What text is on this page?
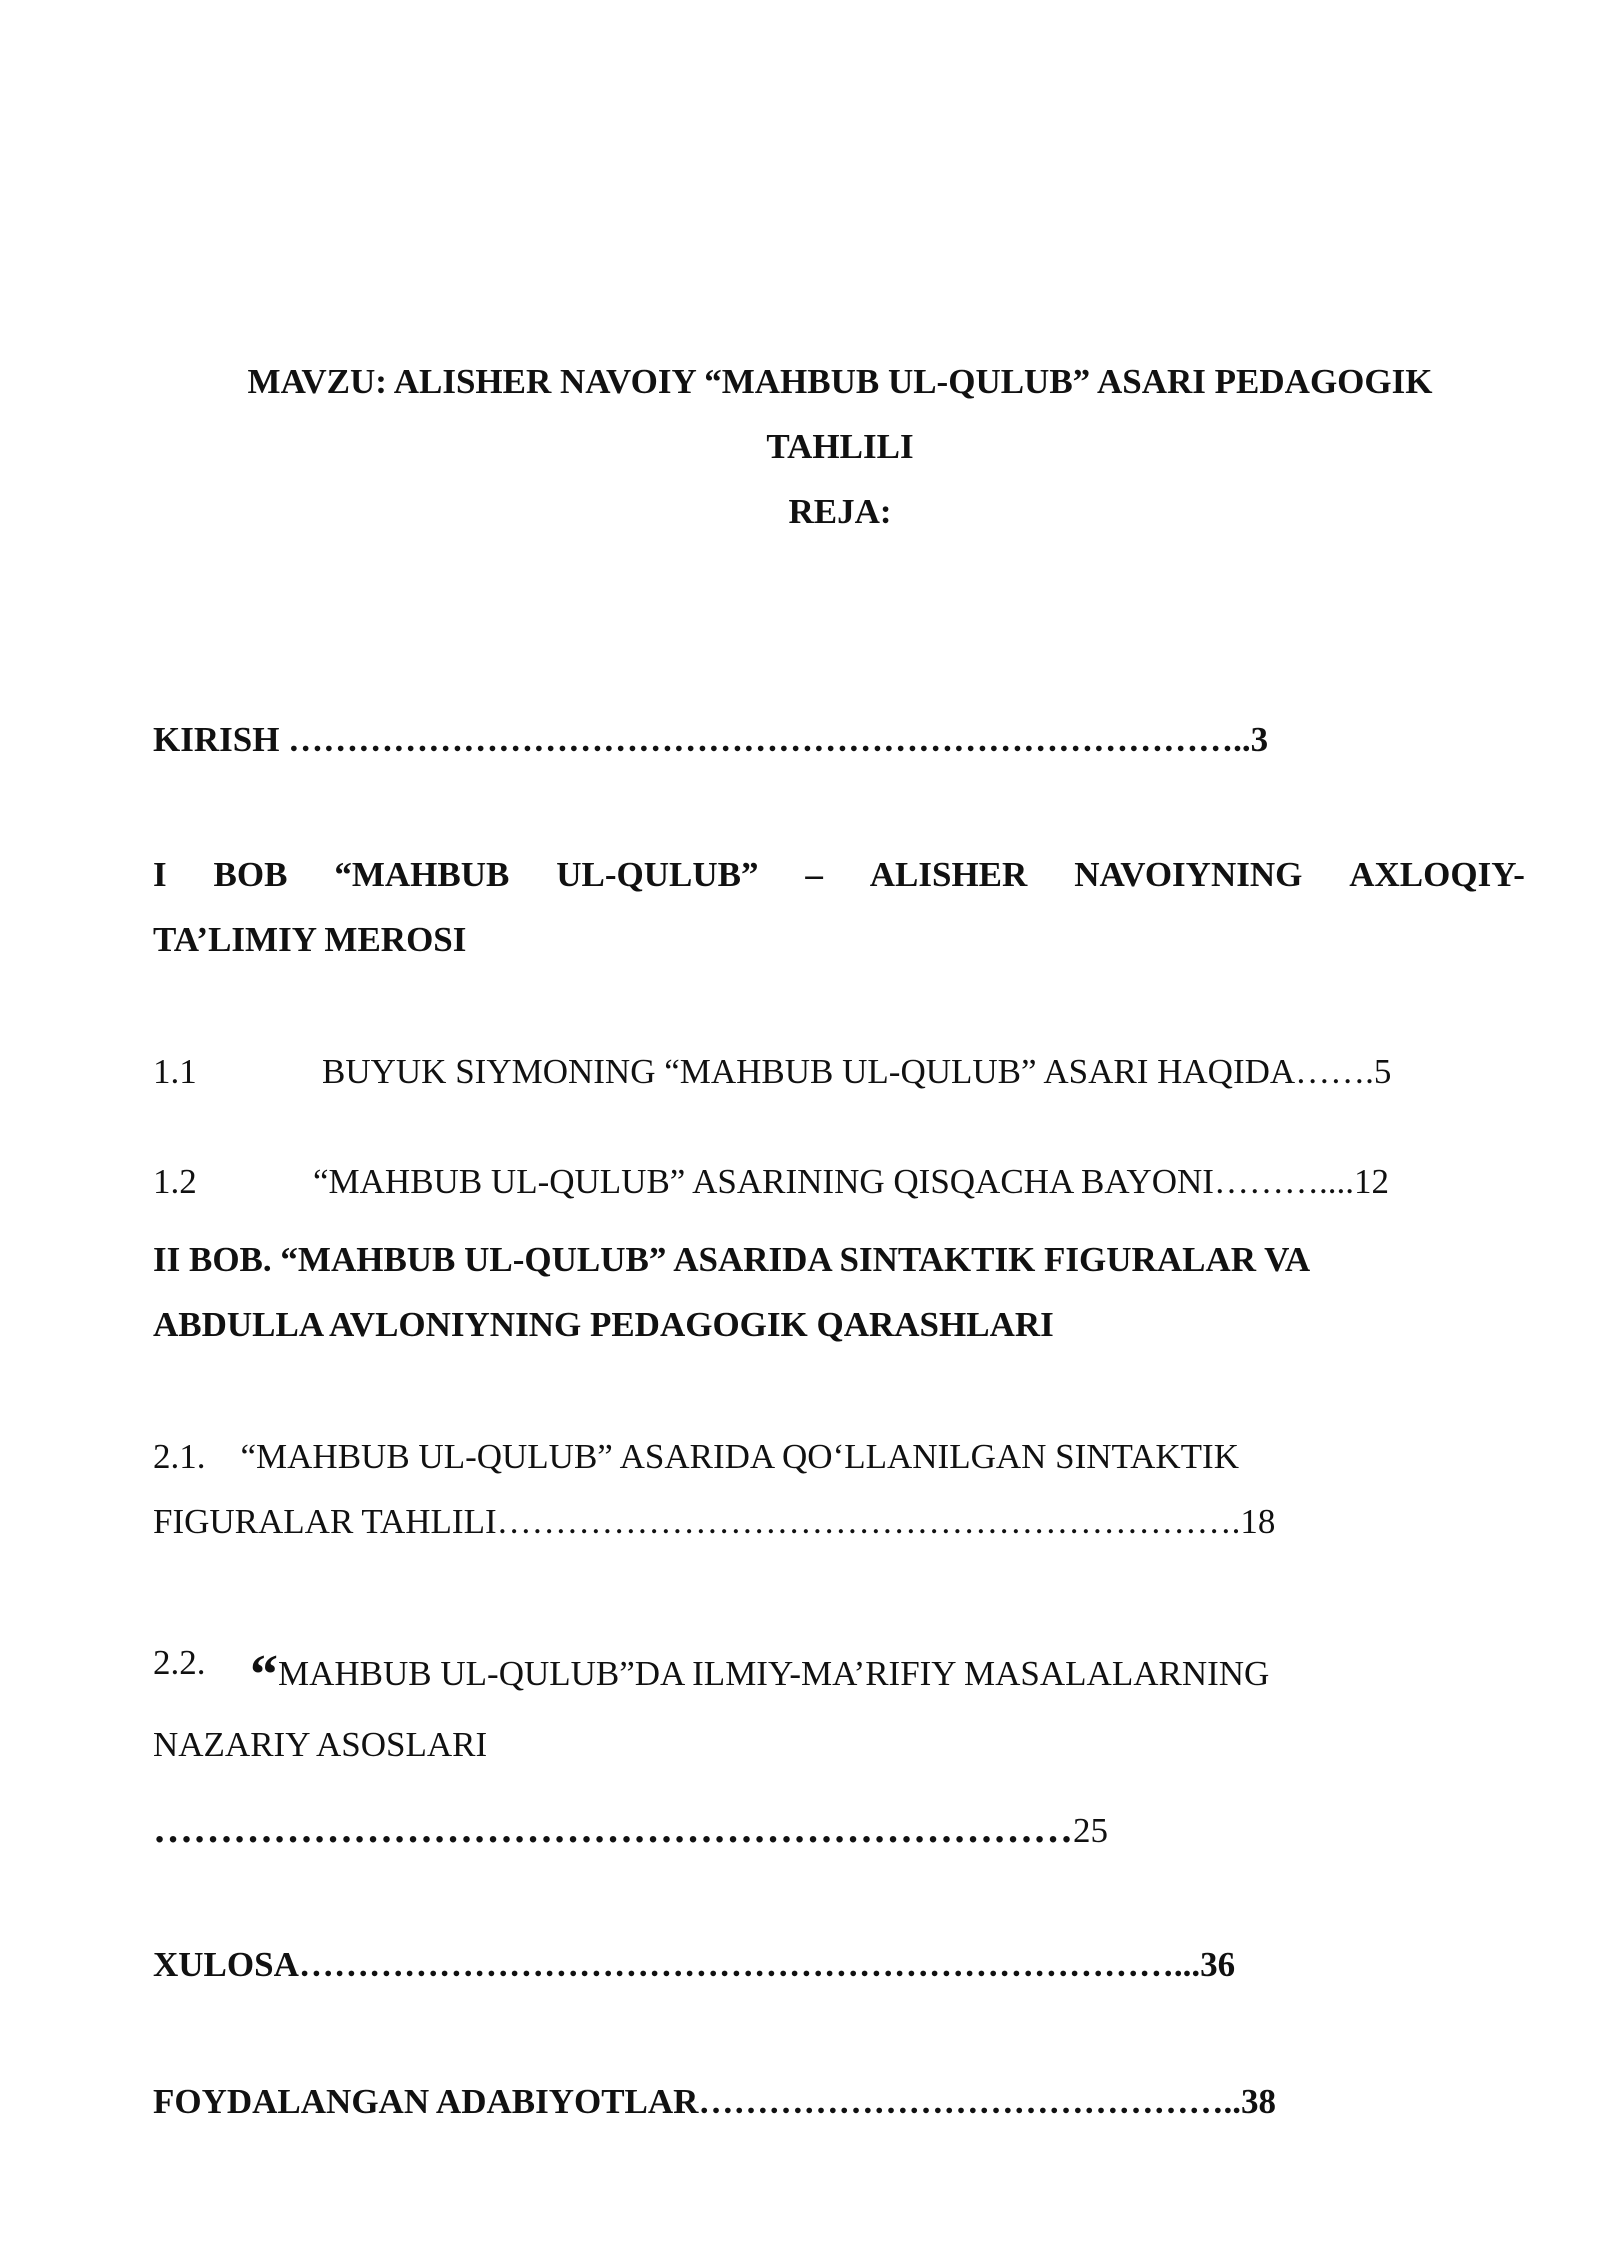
MAVZU: ALISHER NAVOIY “MAHBUB UL-QULUB” ASARI PEDAGOGIK

TAHLILI

REJA:

KIRISH ………………………………………………………………………..3

I BOB “MAHBUB UL-QULUB” – ALISHER NAVOIYNING AXLOQIY-

TA’LIMIY MEROSI

1.1	BUYUK SIYMONING “MAHBUB UL-QULUB” ASARI HAQIDA…….5

1.2	“MAHBUB UL-QULUB” ASARINING QISQACHA BAYONI………....12

II BOB. “MAHBUB UL-QULUB” ASARIDA SINTAKTIK FIGURALAR VA

ABDULLA AVLONIYNING PEDAGOGIK QARASHLARI

2.1.    “MAHBUB UL-QULUB” ASARIDA QO‘LLANILGAN SINTAKTIK

FIGURALAR TAHLILI……………………………………………………….18

2.2. “MAHBUB UL-QULUB”DA ILMIY-MA’RIFIY MASALALARNING

NAZARIY ASOSLARI

……………………………………………………………25

XULOSA…………………………………………………………………...36

FOYDALANGAN ADABIYOTLAR………………………………………..38
